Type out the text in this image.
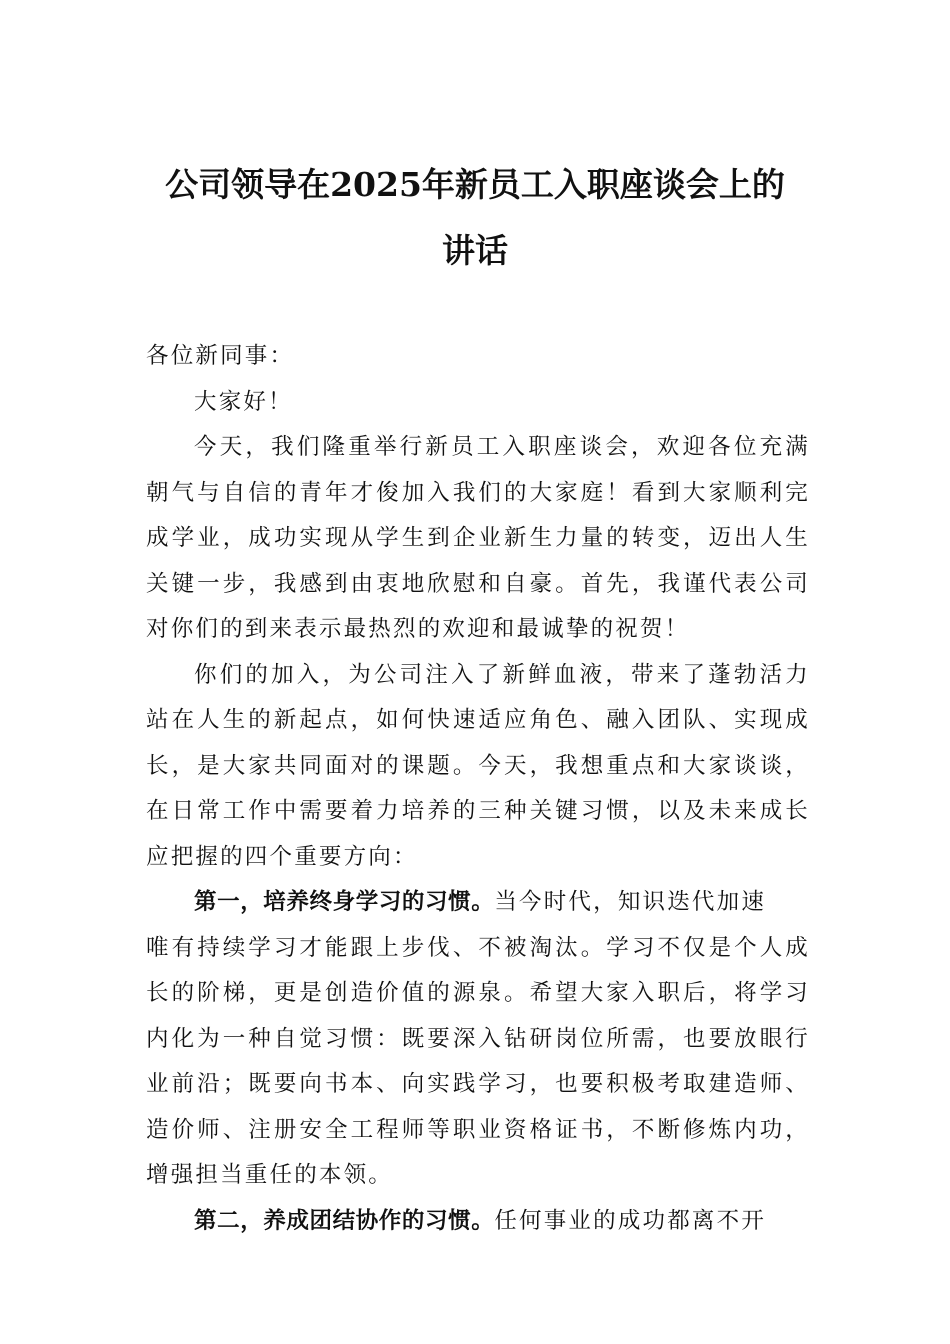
公司领导在2025年新员工入职座谈会上的
讲话
各位新同事：
大家好！
今天，我们隆重举行新员工入职座谈会，欢迎各位充满
朝气与自信的青年才俊加入我们的大家庭！看到大家顺利完
成学业，成功实现从学生到企业新生力量的转变，迈出人生
关键一步，我感到由衷地欣慰和自豪。首先，我谨代表公司
对你们的到来表示最热烈的欢迎和最诚挚的祝贺！
你们的加入，为公司注入了新鲜血液，带来了蓬勃活力
站在人生的新起点，如何快速适应角色、融入团队、实现成
长，是大家共同面对的课题。今天，我想重点和大家谈谈，
在日常工作中需要着力培养的三种关键习惯，以及未来成长
应把握的四个重要方向：
第一，培养终身学习的习惯。当今时代，知识迭代加速
唯有持续学习才能跟上步伐、不被淘汰。学习不仅是个人成
长的阶梯，更是创造价值的源泉。希望大家入职后，将学习
内化为一种自觉习惯：既要深入钻研岗位所需，也要放眼行
业前沿；既要向书本、向实践学习，也要积极考取建造师、
造价师、注册安全工程师等职业资格证书，不断修炼内功，
增强担当重任的本领。
第二，养成团结协作的习惯。任何事业的成功都离不开
